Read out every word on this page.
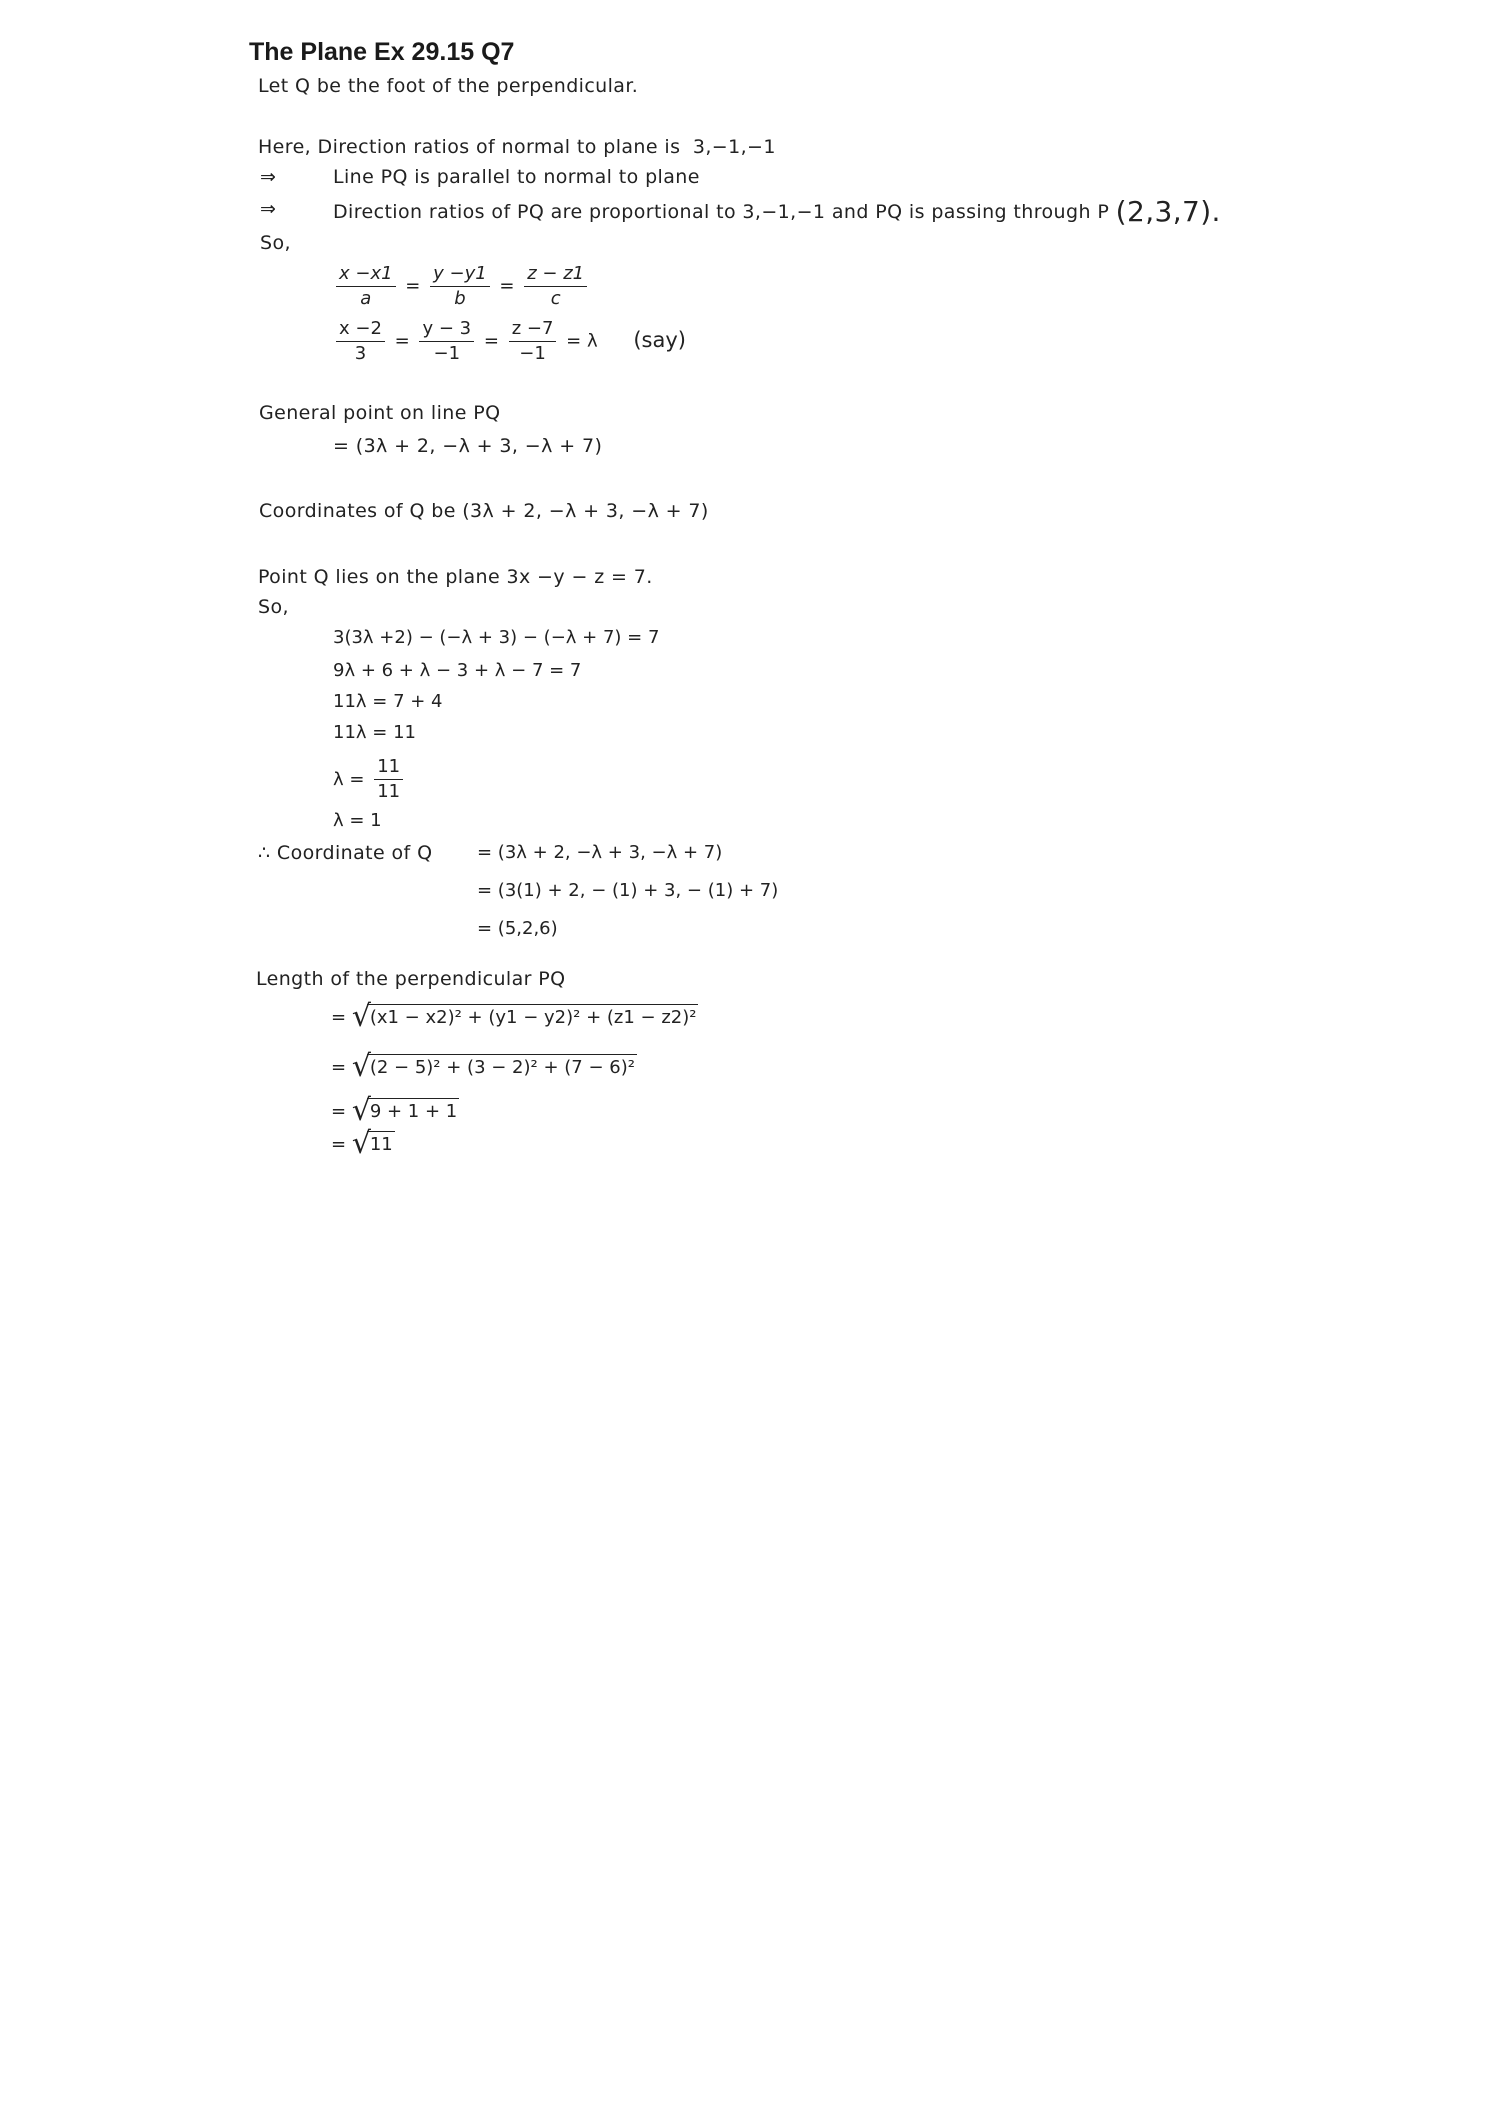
The Plane Ex 29.15 Q7
Let Q be the foot of the perpendicular.
Here, Direction ratios of normal to plane is 3,−1,−1
⇒	Line PQ is parallel to normal to plane
⇒	Direction ratios of PQ are proportional to 3,−1,−1 and PQ is passing through P (2,3,7).
So,
$\frac{x -x1}{a} = \frac{y -y1}{b} = \frac{z - z1}{c}$
$\frac{x -2}{3} = \frac{y - 3}{-1} = \frac{z -7}{-1} = \lambda$ (say)
General point on line PQ
= (3λ + 2, −λ + 3, −λ + 7)
Coordinates of Q be (3λ + 2, −λ + 3, −λ + 7)
Point Q lies on the plane 3x −y − z = 7.
So,
3(3λ +2) − (−λ + 3) − (−λ + 7) = 7
9λ + 6 + λ − 3 + λ − 7 = 7
11λ = 7 + 4
11λ = 11
$\lambda = \frac{11}{11}$
λ = 1
∴ Coordinate of Q = (3λ + 2, −λ + 3, −λ + 7)
= (3(1) + 2, − (1) + 3, − (1) + 7)
= (5,2,6)
Length of the perpendicular PQ
= √
(x1 − x2)² + (y1 − y2)² + (z1 − z2)²
= √
(2 − 5)² + (3 − 2)² + (7 − 6)²
= √
9 + 1 + 1
= √
11
